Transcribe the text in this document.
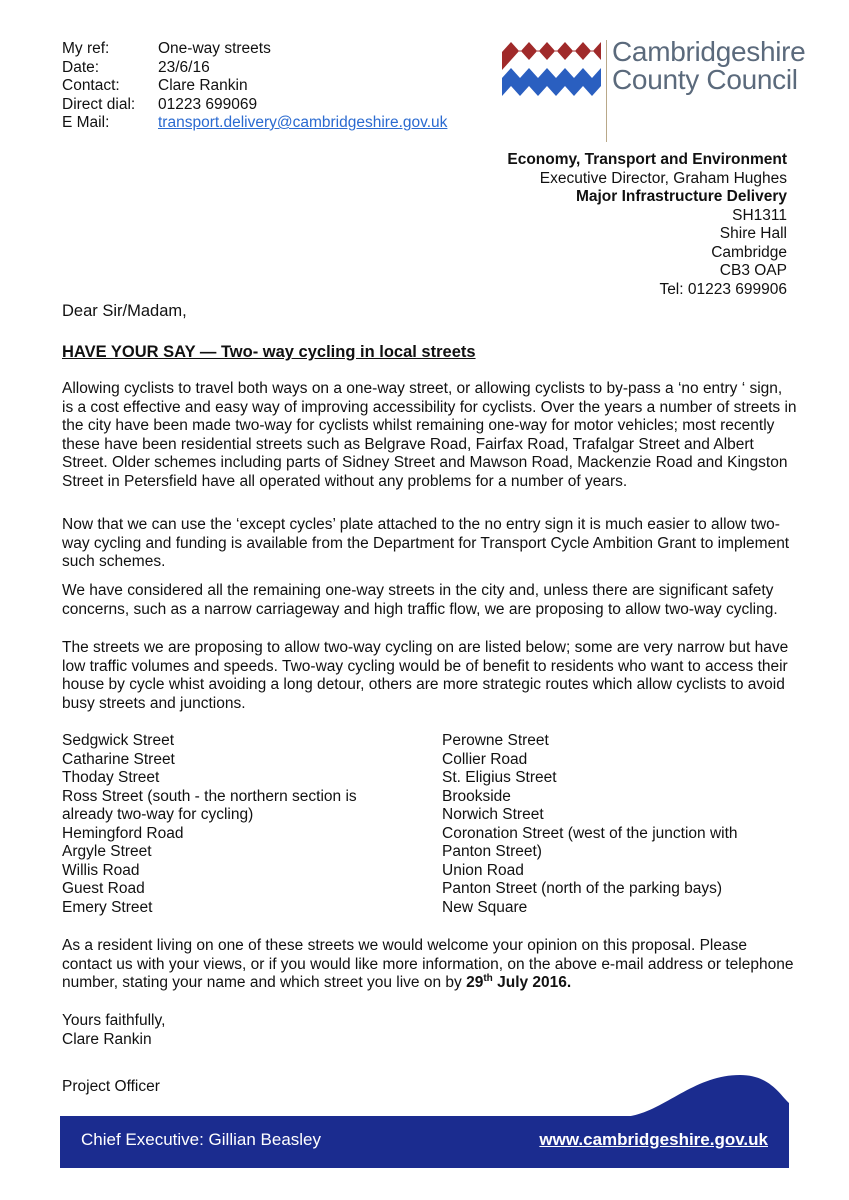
My ref:	One-way streets
Date:	23/6/16
Contact:	Clare Rankin
Direct dial:	01223 699069
E Mail:	transport.delivery@cambridgeshire.gov.uk
Cambridgeshire
County Council
Economy, Transport and Environment
Executive Director, Graham Hughes
Major Infrastructure Delivery
SH1311
Shire Hall
Cambridge
CB3 OAP
Tel: 01223 699906
Dear Sir/Madam,
HAVE YOUR SAY — Two- way cycling in local streets

Allowing cyclists to travel both ways on a one-way street, or allowing cyclists to by-pass a ‘no entry ‘ sign, is a cost effective and easy way of improving accessibility for cyclists. Over the years a number of streets in the city have been made two-way for cyclists whilst remaining one-way for motor vehicles; most recently these have been residential streets such as Belgrave Road, Fairfax Road, Trafalgar Street and Albert Street. Older schemes including parts of Sidney Street and Mawson Road, Mackenzie Road and Kingston Street in Petersfield have all operated without any problems for a number of years.

Now that we can use the ‘except cycles’ plate attached to the no entry sign it is much easier to allow two-way cycling and funding is available from the Department for Transport Cycle Ambition Grant to implement such schemes.

We have considered all the remaining one-way streets in the city and, unless there are significant safety concerns, such as a narrow carriageway and high traffic flow, we are proposing to allow two-way cycling.

The streets we are proposing to allow two-way cycling on are listed below; some are very narrow but have low traffic volumes and speeds. Two-way cycling would be of benefit to residents who want to access their house by cycle whist avoiding a long detour, others are more strategic routes which allow cyclists to avoid busy streets and junctions.

Sedgwick Street
Catharine Street
Thoday Street
Ross Street (south - the northern section is already two-way for cycling)
Hemingford Road
Argyle Street
Willis Road
Guest Road
Emery Street
Perowne Street
Collier Road
St. Eligius Street
Brookside
Norwich Street
Coronation Street (west of the junction with Panton Street)
Union Road
Panton Street (north of the parking bays)
New Square

As a resident living on one of these streets we would welcome your opinion on this proposal. Please contact us with your views, or if you would like more information, on the above e-mail address or telephone number, stating your name and which street you live on by 29th July 2016.

Yours faithfully,
Clare Rankin
Chief Executive: Gillian Beasley	www.cambridgeshire.gov.uk
Project Officer
